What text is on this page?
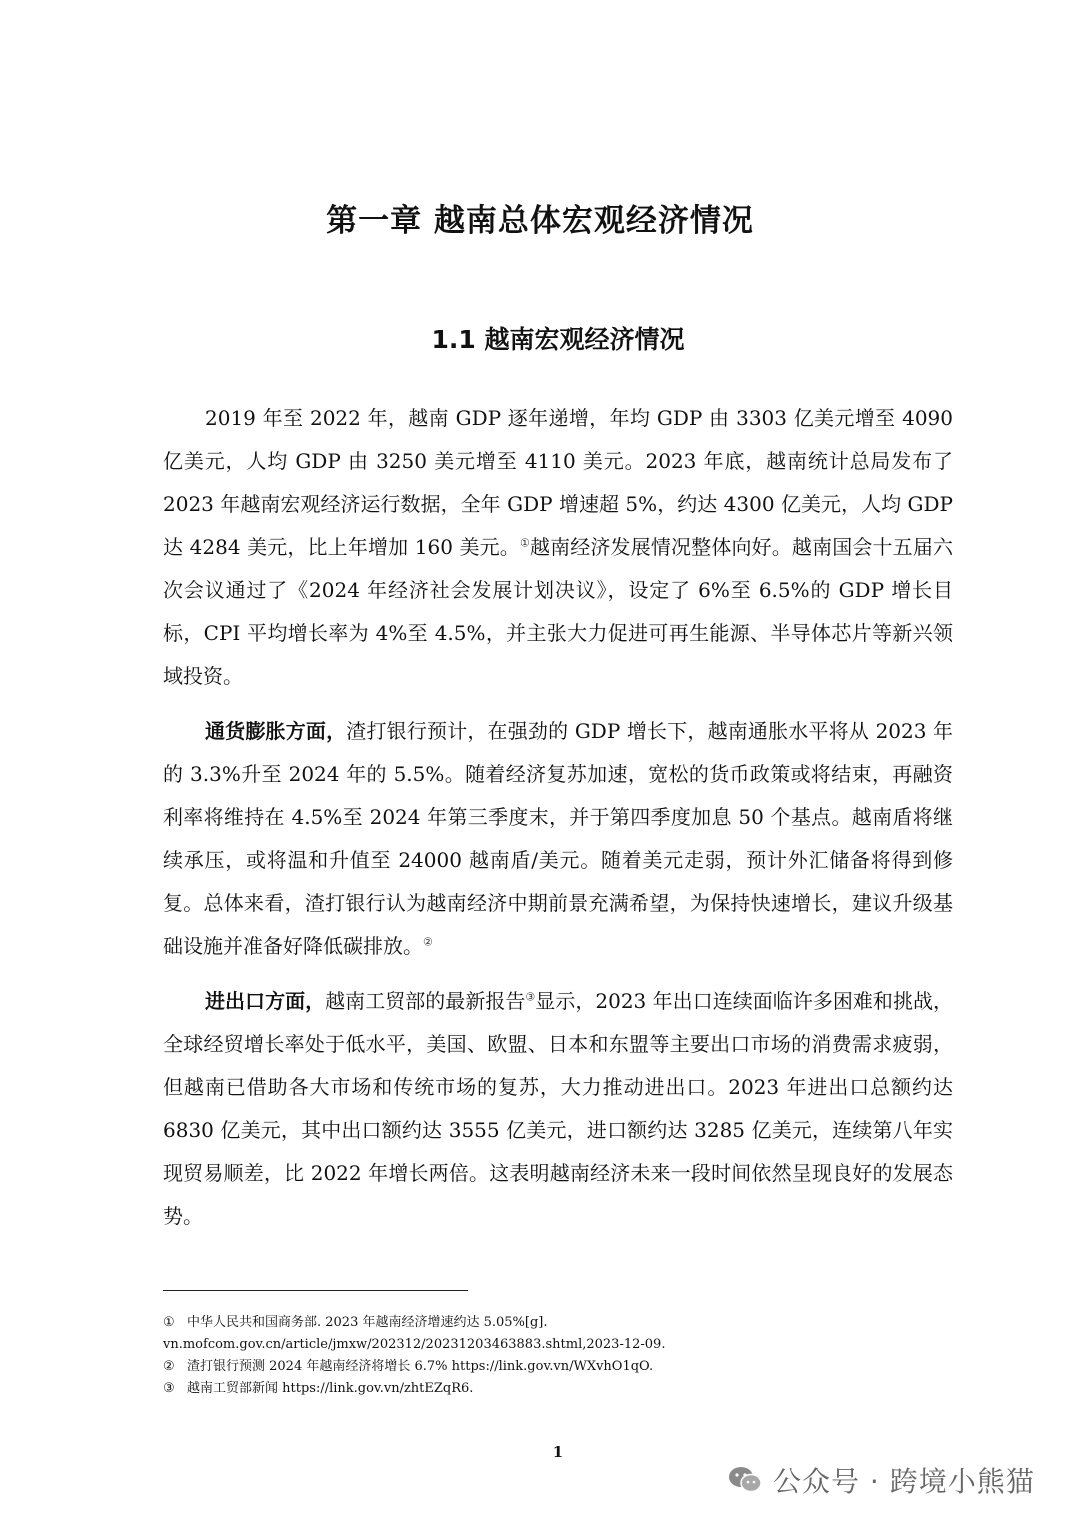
第一章 越南总体宏观经济情况
1.1 越南宏观经济情况

2019 年至 2022 年，越南 GDP 逐年递增，年均 GDP 由 3303 亿美元增至 4090 亿美元，人均 GDP 由 3250 美元增至 4110 美元。2023 年底，越南统计总局发布了 2023 年越南宏观经济运行数据，全年 GDP 增速超 5%，约达 4300 亿美元，人均 GDP 达 4284 美元，比上年增加 160 美元。①越南经济发展情况整体向好。越南国会十五届六次会议通过了《2024 年经济社会发展计划决议》，设定了 6%至 6.5%的 GDP 增长目标，CPI 平均增长率为 4%至 4.5%，并主张大力促进可再生能源、半导体芯片等新兴领域投资。

通货膨胀方面，渣打银行预计，在强劲的 GDP 增长下，越南通胀水平将从 2023 年的 3.3%升至 2024 年的 5.5%。随着经济复苏加速，宽松的货币政策或将结束，再融资利率将维持在 4.5%至 2024 年第三季度末，并于第四季度加息 50 个基点。越南盾将继续承压，或将温和升值至 24000 越南盾/美元。随着美元走弱，预计外汇储备将得到修复。总体来看，渣打银行认为越南经济中期前景充满希望，为保持快速增长，建议升级基础设施并准备好降低碳排放。②

进出口方面，越南工贸部的最新报告③显示，2023 年出口连续面临许多困难和挑战，全球经贸增长率处于低水平，美国、欧盟、日本和东盟等主要出口市场的消费需求疲弱，但越南已借助各大市场和传统市场的复苏，大力推动进出口。2023 年进出口总额约达 6830 亿美元，其中出口额约达 3555 亿美元，进口额约达 3285 亿美元，连续第八年实现贸易顺差，比 2022 年增长两倍。这表明越南经济未来一段时间依然呈现良好的发展态势。

① 中华人民共和国商务部. 2023 年越南经济增速约达 5.05%[g].

vn.mofcom.gov.cn/article/jmxw/202312/20231203463883.shtml,2023-12-09.

② 渣打银行预测 2024 年越南经济将增长 6.7% https://link.gov.vn/WXvhO1qO.

③ 越南工贸部新闻 https://link.gov.vn/zhtEZqR6.

1
公众号 · 跨境小熊猫
